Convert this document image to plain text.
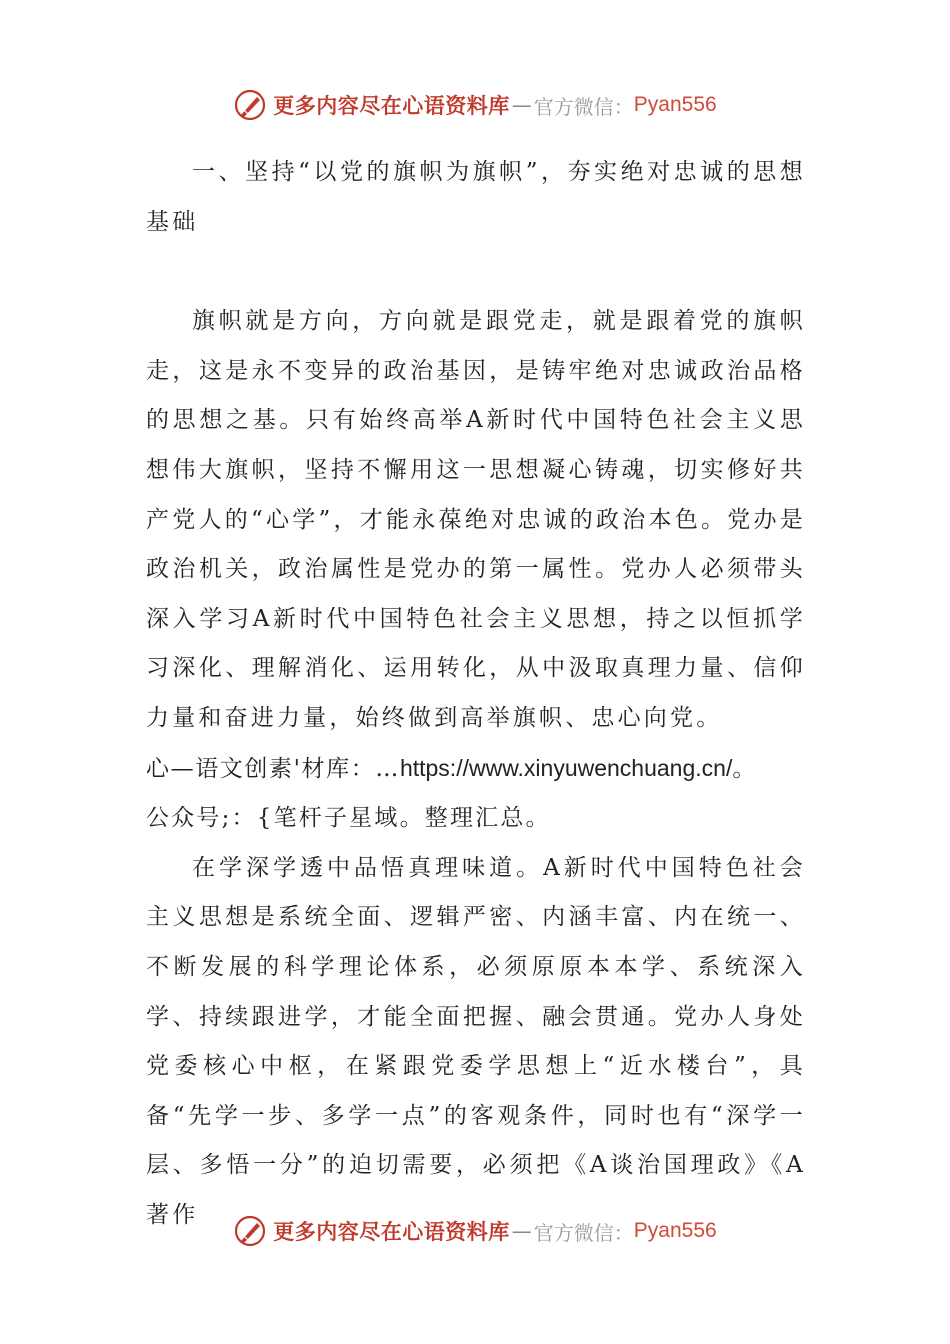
更多内容尽在心语资料库 — 官方微信： Pyan556

一、坚持“以党的旗帜为旗帜”，夯实绝对忠诚的思想基础

旗帜就是方向，方向就是跟党走，就是跟着党的旗帜走，这是永不变异的政治基因，是铸牢绝对忠诚政治品格的思想之基。只有始终高举A新时代中国特色社会主义思想伟大旗帜，坚持不懈用这一思想凝心铸魂，切实修好共产党人的“心学”，才能永葆绝对忠诚的政治本色。党办是政治机关，政治属性是党办的第一属性。党办人必须带头深入学习A新时代中国特色社会主义思想，持之以恒抓学习深化、理解消化、运用转化，从中汲取真理力量、信仰力量和奋进力量，始终做到高举旗帜、忠心向党。

心—语文创素'材库：…https://www.xinyuwenchuang.cn/。

公众号;：{笔杆子星域。整理汇总。

在学深学透中品悟真理味道。A新时代中国特色社会主义思想是系统全面、逻辑严密、内涵丰富、内在统一、不断发展的科学理论体系，必须原原本本学、系统深入学、持续跟进学，才能全面把握、融会贯通。党办人身处党委核心中枢，在紧跟党委学思想上“近水楼台”，具备“先学一步、多学一点”的客观条件，同时也有“深学一层、多悟一分”的迫切需要，必须把《A谈治国理政》《A著作

更多内容尽在心语资料库 — 官方微信： Pyan556
